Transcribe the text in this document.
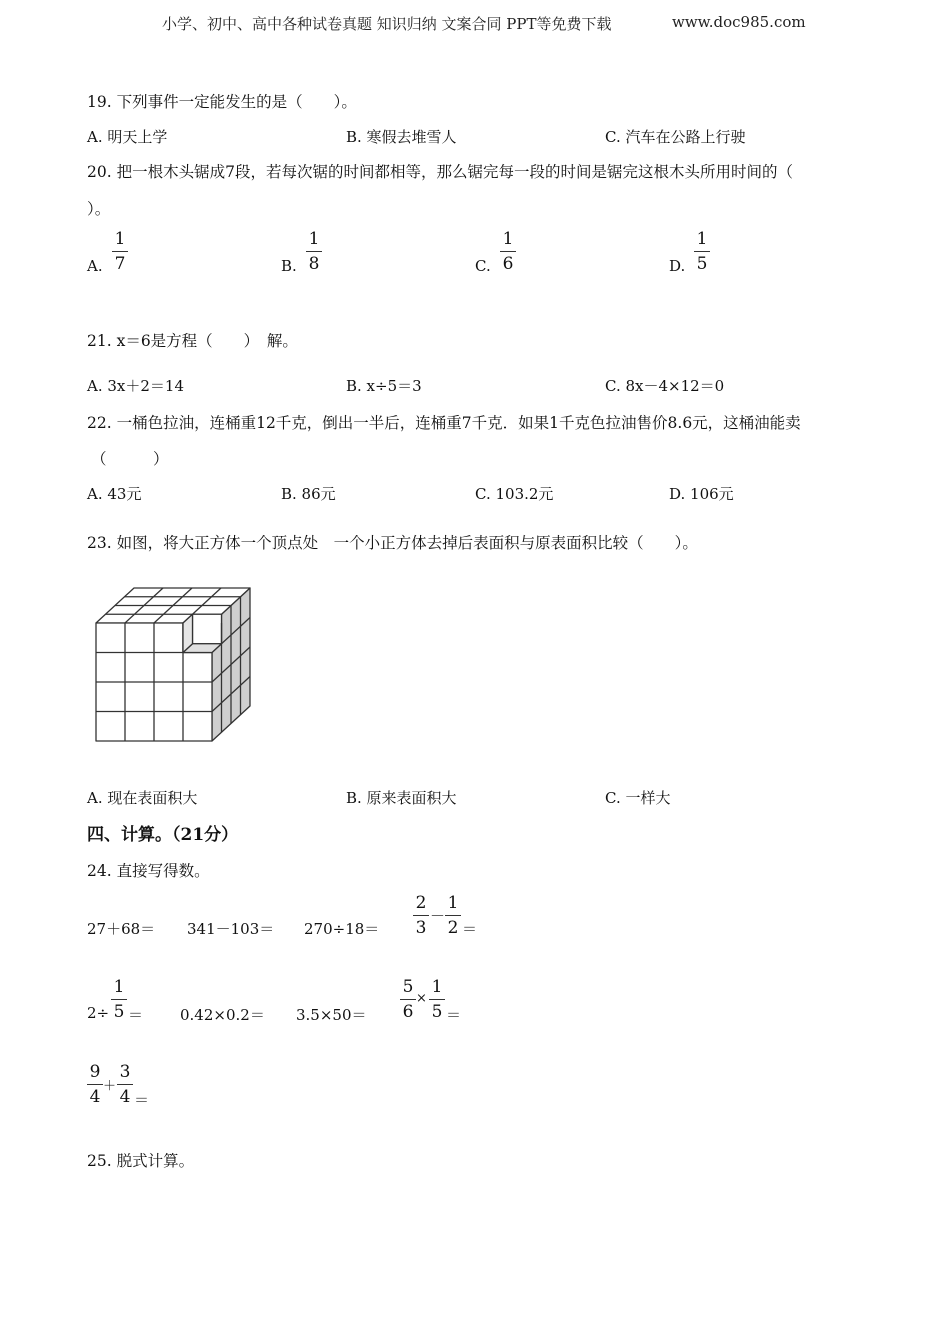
小学、初中、高中各种试卷真题 知识归纳 文案合同 PPT等免费下载	www.doc985.com
19. 下列事件一定能发生的是（　　）。
A. 明天上学	B. 寒假去堆雪人	C. 汽车在公路上行驶
20. 把一根木头锯成7段，若每次锯的时间都相等，那么锯完每一段的时间是锯完这根木头所用时间的（
）。
A.
1
7	B.
1
8	C.
1
6	D.
1
5
21. x＝6是方程（　　）　解。
A. 3x＋2＝14	B. x÷5＝3	C. 8x－4×12＝0
22. 一桶色拉油，连桶重12千克，倒出一半后，连桶重7千克．如果1千克色拉油售价8.6元，这桶油能卖
（　　　）
A. 43元	B. 86元	C. 103.2元	D. 106元
23. 如图，将大正方体一个顶点处　一个小正方体去掉后表面积与原表面积比较（　　）。
A. 现在表面积大	B. 原来表面积大	C. 一样大
四、计算。（21分）
24. 直接写得数。
27＋68＝ 341－103＝ 270÷18＝
2
3
－
1
2 ＝
2÷
1
5 ＝ 0.42×0.2＝ 3.5×50＝
5
6
×
1
5 ＝
9
4
＋
3
4 ＝
25. 脱式计算。
